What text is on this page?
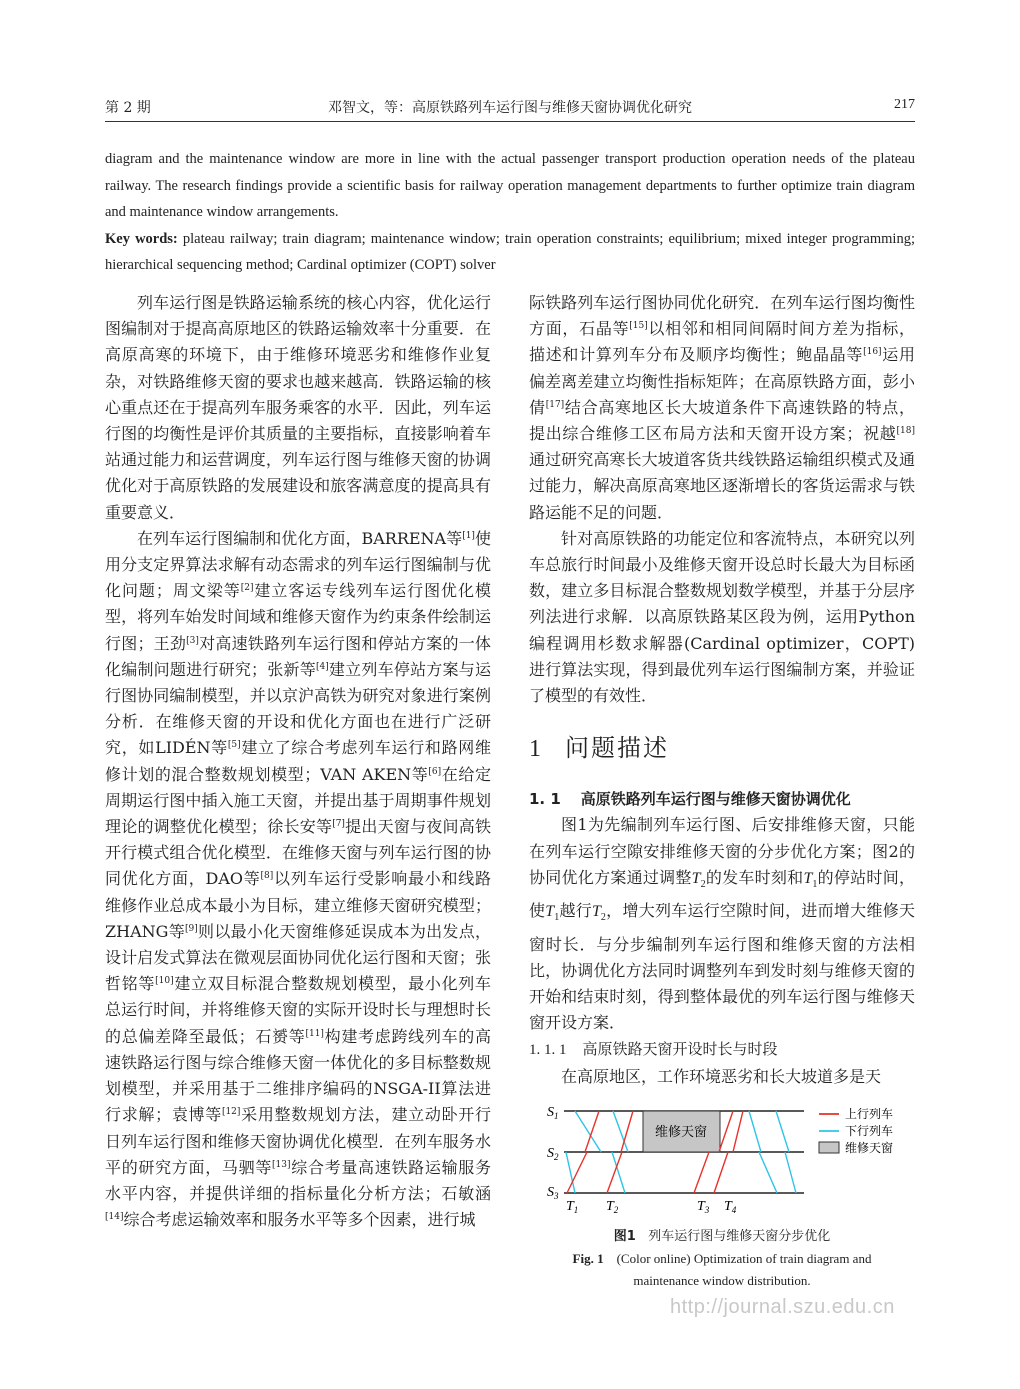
第 2 期	邓智文，等：高原铁路列车运行图与维修天窗协调优化研究	217

diagram and the maintenance window are more in line with the actual passenger transport production operation needs of the plateau railway. The research findings provide a scientific basis for railway operation management departments to further optimize train diagram and maintenance window arrangements.

Key words: plateau railway; train diagram; maintenance window; train operation constraints; equilibrium; mixed integer programming; hierarchical sequencing method; Cardinal optimizer (COPT) solver

列车运行图是铁路运输系统的核心内容，优化运行图编制对于提高高原地区的铁路运输效率十分重要．在高原高寒的环境下，由于维修环境恶劣和维修作业复杂，对铁路维修天窗的要求也越来越高．铁路运输的核心重点还在于提高列车服务乘客的水平．因此，列车运行图的均衡性是评价其质量的主要指标，直接影响着车站通过能力和运营调度，列车运行图与维修天窗的协调优化对于高原铁路的发展建设和旅客满意度的提高具有重要意义．

在列车运行图编制和优化方面，BARRENA等[1]使用分支定界算法求解有动态需求的列车运行图编制与优化问题；周文梁等[2]建立客运专线列车运行图优化模型，将列车始发时间域和维修天窗作为约束条件绘制运行图；王劲[3]对高速铁路列车运行图和停站方案的一体化编制问题进行研究；张新等[4]建立列车停站方案与运行图协同编制模型，并以京沪高铁为研究对象进行案例分析．在维修天窗的开设和优化方面也在进行广泛研究，如LIDÉN等[5]建立了综合考虑列车运行和路网维修计划的混合整数规划模型；VAN AKEN等[6]在给定周期运行图中插入施工天窗，并提出基于周期事件规划理论的调整优化模型；徐长安等[7]提出天窗与夜间高铁开行模式组合优化模型．在维修天窗与列车运行图的协同优化方面，DAO等[8]以列车运行受影响最小和线路维修作业总成本最小为目标，建立维修天窗研究模型；ZHANG等[9]则以最小化天窗维修延误成本为出发点，设计启发式算法在微观层面协同优化运行图和天窗；张哲铭等[10]建立双目标混合整数规划模型，最小化列车总运行时间，并将维修天窗的实际开设时长与理想时长的总偏差降至最低；石赟等[11]构建考虑跨线列车的高速铁路运行图与综合维修天窗一体优化的多目标整数规划模型，并采用基于二维排序编码的NSGA-II算法进行求解；袁博等[12]采用整数规划方法，建立动卧开行日列车运行图和维修天窗协调优化模型．在列车服务水平的研究方面，马驷等[13]综合考量高速铁路运输服务水平内容，并提供详细的指标量化分析方法；石敏涵[14]综合考虑运输效率和服务水平等多个因素，进行城

际铁路列车运行图协同优化研究．在列车运行图均衡性方面，石晶等[15]以相邻和相同间隔时间方差为指标，描述和计算列车分布及顺序均衡性；鲍晶晶等[16]运用偏差离差建立均衡性指标矩阵；在高原铁路方面，彭小倩[17]结合高寒地区长大坡道条件下高速铁路的特点，提出综合维修工区布局方法和天窗开设方案；祝越[18]通过研究高寒长大坡道客货共线铁路运输组织模式及通过能力，解决高原高寒地区逐渐增长的客货运需求与铁路运能不足的问题．

针对高原铁路的功能定位和客流特点，本研究以列车总旅行时间最小及维修天窗开设总时长最大为目标函数，建立多目标混合整数规划数学模型，并基于分层序列法进行求解．以高原铁路某区段为例，运用Python编程调用杉数求解器(Cardinal optimizer，COPT)进行算法实现，得到最优列车运行图编制方案，并验证了模型的有效性．

1 问题描述
1. 1 高原铁路列车运行图与维修天窗协调优化

图1为先编制列车运行图、后安排维修天窗，只能在列车运行空隙安排维修天窗的分步优化方案；图2的协同优化方案通过调整$T_2$的发车时刻和$T_1$的停站时间，使$T_1$越行$T_2$，增大列车运行空隙时间，进而增大维修天窗时长．与分步编制列车运行图和维修天窗的方法相比，协调优化方法同时调整列车到发时刻与维修天窗的开始和结束时刻，得到整体最优的列车运行图与维修天窗开设方案．

1. 1. 1 高原铁路天窗开设时长与时段

在高原地区，工作环境恶劣和长大坡道多是天

维修天窗
$S_1$
$S_2$
$S_3$
$T_1$ $T_2$	$T_3$ $T_4$
上行列车
下行列车
维修天窗
图1 列车运行图与维修天窗分步优化
Fig. 1 (Color online) Optimization of train diagram and
maintenance window distribution.
http://journal.szu.edu.cn
